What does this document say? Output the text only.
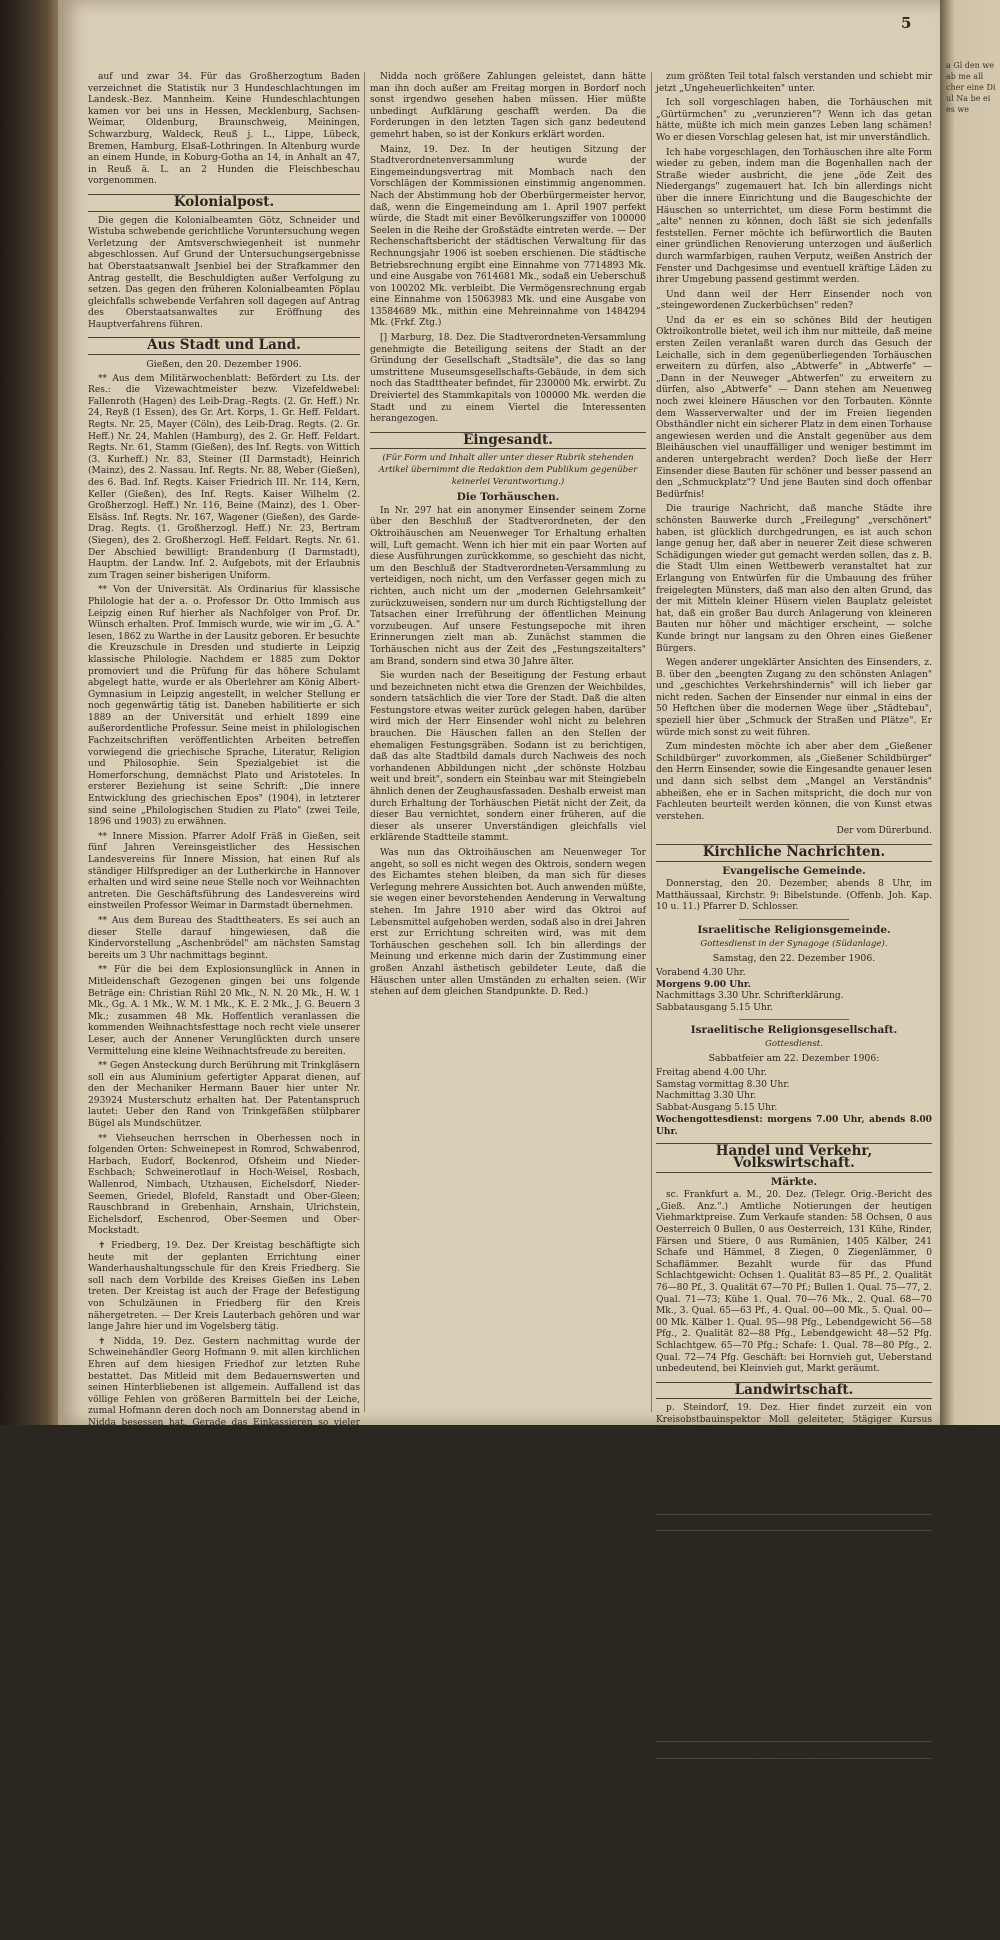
5

auf und zwar 34. Für das Großherzogtum Baden verzeichnet die Statistik nur 3 Hundeschlachtungen im Landesk.-Bez. Mannheim. Keine Hundeschlachtungen kamen vor bei uns in Hessen, Mecklenburg, Sachsen-Weimar, Oldenburg, Braunschweig, Meiningen, Schwarzburg, Waldeck, Reuß j. L., Lippe, Lübeck, Bremen, Hamburg, Elsaß-Lothringen. In Altenburg wurde an einem Hunde, in Koburg-Gotha an 14, in Anhalt an 47, in Reuß ä. L. an 2 Hunden die Fleischbeschau vorgenommen.

Kolonialpost.

Die gegen die Kolonialbeamten Götz, Schneider und Wistuba schwebende gerichtliche Voruntersuchung wegen Verletzung der Amtsverschwiegenheit ist nunmehr abgeschlossen. Auf Grund der Untersuchungsergebnisse hat Oberstaatsanwalt Jsenbiel bei der Strafkammer den Antrag gestellt, die Beschuldigten außer Verfolgung zu setzen. Das gegen den früheren Kolonialbeamten Pöplau gleichfalls schwebende Verfahren soll dagegen auf Antrag des Oberstaatsanwaltes zur Eröffnung des Hauptverfahrens führen.

Aus Stadt und Land.
Gießen, den 20. Dezember 1906.

** Aus dem Militärwochenblatt: Befördert zu Lts. der Res.: die Vizewachtmeister bezw. Vizefeldwebel: Fallenroth (Hagen) des Leib-Drag.-Regts. (2. Gr. Heff.) Nr. 24, Reyß (1 Essen), des Gr. Art. Korps, 1. Gr. Heff. Feldart. Regts. Nr. 25, Mayer (Cöln), des Leib-Drag. Regts. (2. Gr. Heff.) Nr. 24, Mahlen (Hamburg), des 2. Gr. Heff. Feldart. Regts. Nr. 61, Stamm (Gießen), des Inf. Regts. von Wittich (3. Kurheff.) Nr. 83, Steiner (II Darmstadt), Heinrich (Mainz), des 2. Nassau. Inf. Regts. Nr. 88, Weber (Gießen), des 6. Bad. Inf. Regts. Kaiser Friedrich III. Nr. 114, Kern, Keller (Gießen), des Inf. Regts. Kaiser Wilhelm (2. Großherzogl. Heff.) Nr. 116, Beine (Mainz), des 1. Ober-Elsäss. Inf. Regts. Nr. 167, Wagener (Gießen), des Garde-Drag. Regts. (1. Großherzogl. Heff.) Nr. 23, Bertram (Siegen), des 2. Großherzogl. Heff. Feldart. Regts. Nr. 61. Der Abschied bewilligt: Brandenburg (I Darmstadt), Hauptm. der Landw. Inf. 2. Aufgebots, mit der Erlaubnis zum Tragen seiner bisherigen Uniform.

** Von der Universität. Als Ordinarius für klassische Philologie hat der a. o. Professor Dr. Otto Immisch aus Leipzig einen Ruf hierher als Nachfolger von Prof. Dr. Wünsch erhalten. Prof. Immisch wurde, wie wir im „G. A." lesen, 1862 zu Warthe in der Lausitz geboren. Er besuchte die Kreuzschule in Dresden und studierte in Leipzig klassische Philologie. Nachdem er 1885 zum Doktor promoviert und die Prüfung für das höhere Schulamt abgelegt hatte, wurde er als Oberlehrer am König Albert-Gymnasium in Leipzig angestellt, in welcher Stellung er noch gegenwärtig tätig ist. Daneben habilitierte er sich 1889 an der Universität und erhielt 1899 eine außerordentliche Professur. Seine meist in philologischen Fachzeitschriften veröffentlichten Arbeiten betreffen vorwiegend die griechische Sprache, Literatur, Religion und Philosophie. Sein Spezialgebiet ist die Homerforschung, demnächst Plato und Aristoteles. In ersterer Beziehung ist seine Schrift: „Die innere Entwicklung des griechischen Epos" (1904), in letzterer sind seine „Philologischen Studien zu Plato" (zwei Teile, 1896 und 1903) zu erwähnen.

** Innere Mission. Pfarrer Adolf Fräß in Gießen, seit fünf Jahren Vereinsgeistlicher des Hessischen Landesvereins für Innere Mission, hat einen Ruf als ständiger Hilfsprediger an der Lutherkirche in Hannover erhalten und wird seine neue Stelle noch vor Weihnachten antreten. Die Geschäftsführung des Landesvereins wird einstweilen Professor Weimar in Darmstadt übernehmen.

** Aus dem Bureau des Stadttheaters. Es sei auch an dieser Stelle darauf hingewiesen, daß die Kindervorstellung „Aschenbrödel" am nächsten Samstag bereits um 3 Uhr nachmittags beginnt.

** Für die bei dem Explosionsunglück in Annen in Mitleidenschaft Gezogenen gingen bei uns folgende Beträge ein: Christian Rühl 20 Mk., N. N. 20 Mk., H. W. 1 Mk., Gg. A. 1 Mk., W. M. 1 Mk., K. E. 2 Mk., J. G. Beuern 3 Mk.; zusammen 48 Mk. Hoffentlich veranlassen die kommenden Weihnachtsfesttage noch recht viele unserer Leser, auch der Annener Verunglückten durch unsere Vermittelung eine kleine Weihnachtsfreude zu bereiten.

** Gegen Ansteckung durch Berührung mit Trinkgläsern soll ein aus Aluminium gefertigter Apparat dienen, auf den der Mechaniker Hermann Bauer hier unter Nr. 293924 Musterschutz erhalten hat. Der Patentanspruch lautet: Ueber den Rand von Trinkgefäßen stülpbarer Bügel als Mundschützer.

** Viehseuchen herrschen in Oberhessen noch in folgenden Orten: Schweinepest in Romrod, Schwabenrod, Harbach, Eudorf, Bockenrod, Ofsheim und Nieder-Eschbach; Schweinerotlauf in Hoch-Weisel, Rosbach, Wallenrod, Nimbach, Utzhausen, Eichelsdorf, Nieder-Seemen, Griedel, Blofeld, Ranstadt und Ober-Gleen; Rauschbrand in Grebenhain, Arnshain, Ulrichstein, Eichelsdorf, Eschenrod, Ober-Seemen und Ober-Mockstadt.

✝ Friedberg, 19. Dez. Der Kreistag beschäftigte sich heute mit der geplanten Errichtung einer Wanderhaushaltungsschule für den Kreis Friedberg. Sie soll nach dem Vorbilde des Kreises Gießen ins Leben treten. Der Kreistag ist auch der Frage der Befestigung von Schulzäunen in Friedberg für den Kreis nähergetreten. — Der Kreis Lauterbach gehören und war lange Jahre hier und im Vogelsberg tätig.

✝ Nidda, 19. Dez. Gestern nachmittag wurde der Schweinehändler Georg Hofmann 9. mit allen kirchlichen Ehren auf dem hiesigen Friedhof zur letzten Ruhe bestattet. Das Mitleid mit dem Bedauernswerten und seinen Hinterbliebenen ist allgemein. Auffallend ist das völlige Fehlen von größeren Barmitteln bei der Leiche, zumal Hofmann deren doch noch am Donnerstag abend in Nidda besessen hat. Gerade das Einkassieren so vieler Ausstände hatte doch bei allen, die ihn nicht näher kannten und ihn in letzter Zeit nicht genauer beobachtet hatten, den Gedanken an eine Verstümmelung mit Bestimmtheit hervorgerufen. Und nun fehlt jegliches bares Geld in der Brieftasche des Toten, sowie auch ein neuer großer Geldbeutel, den Hofmann bei sich geführt hatte. Hätte der Verstorbene noch seinem Verschwinden von

Nidda noch größere Zahlungen geleistet, dann hätte man ihn doch außer am Freitag morgen in Bordorf noch sonst irgendwo gesehen haben müssen. Hier müßte unbedingt Aufklärung geschafft werden. Da die Forderungen in den letzten Tagen sich ganz bedeutend gemehrt haben, so ist der Konkurs erklärt worden.

Mainz, 19. Dez. In der heutigen Sitzung der Stadtverordnetenversammlung wurde der Eingemeindungsvertrag mit Mombach nach den Vorschlägen der Kommissionen einstimmig angenommen. Nach der Abstimmung hob der Oberbürgermeister hervor, daß, wenn die Eingemeindung am 1. April 1907 perfekt würde, die Stadt mit einer Bevölkerungsziffer von 100000 Seelen in die Reihe der Großstädte eintreten werde. — Der Rechenschaftsbericht der städtischen Verwaltung für das Rechnungsjahr 1906 ist soeben erschienen. Die städtische Betriebsrechnung ergibt eine Einnahme von 7714893 Mk. und eine Ausgabe von 7614681 Mk., sodaß ein Ueberschuß von 100202 Mk. verbleibt. Die Vermögensrechnung ergab eine Einnahme von 15063983 Mk. und eine Ausgabe von 13584689 Mk., mithin eine Mehreinnahme von 1484294 Mk. (Frkf. Ztg.)

[] Marburg, 18. Dez. Die Stadtverordneten-Versammlung genehmigte die Beteiligung seitens der Stadt an der Gründung der Gesellschaft „Stadtsäle", die das so lang umstrittene Museumsgesellschafts-Gebäude, in dem sich noch das Stadttheater befindet, für 230000 Mk. erwirbt. Zu Dreiviertel des Stammkapitals von 100000 Mk. werden die Stadt und zu einem Viertel die Interessenten herangezogen.

Eingesandt.
(Für Form und Inhalt aller unter dieser Rubrik stehenden Artikel übernimmt die Redaktion dem Publikum gegenüber keinerlei Verantwortung.)
Die Torhäuschen.

In Nr. 297 hat ein anonymer Einsender seinem Zorne über den Beschluß der Stadtverordneten, der den Oktroihäuschen am Neuenweger Tor Erhaltung erhalten will, Luft gemacht. Wenn ich hier mit ein paar Worten auf diese Ausführungen zurückkomme, so geschieht das nicht, um den Beschluß der Stadtverordneten-Versammlung zu verteidigen, noch nicht, um den Verfasser gegen mich zu richten, auch nicht um der „modernen Gelehrsamkeit" zurückzuweisen, sondern nur um durch Richtigstellung der Tatsachen einer Irreführung der öffentlichen Meinung vorzubeugen. Auf unsere Festungsepoche mit ihren Erinnerungen zielt man ab. Zunächst stammen die Torhäuschen nicht aus der Zeit des „Festungszeitalters" am Brand, sondern sind etwa 30 Jahre älter.

Sie wurden nach der Beseitigung der Festung erbaut und bezeichneten nicht etwa die Grenzen der Weichbildes, sondern tatsächlich die vier Tore der Stadt. Daß die alten Festungstore etwas weiter zurück gelegen haben, darüber wird mich der Herr Einsender wohl nicht zu belehren brauchen. Die Häuschen fallen an den Stellen der ehemaligen Festungsgräben. Sodann ist zu berichtigen, daß das alte Stadtbild damals durch Nachweis des noch vorhandenen Abbildungen nicht „der schönste Holzbau weit und breit", sondern ein Steinbau war mit Steingiebeln ähnlich denen der Zeughausfassaden. Deshalb erweist man durch Erhaltung der Torhäuschen Pietät nicht der Zeit, da dieser Bau vernichtet, sondern einer früheren, auf die dieser als unserer Unverständigen gleichfalls viel erklärende Stadtteile stammt.

Was nun das Oktroihäuschen am Neuenweger Tor angeht, so soll es nicht wegen des Oktrois, sondern wegen des Eichamtes stehen bleiben, da man sich für dieses Verlegung mehrere Aussichten bot. Auch anwenden müßte, sie wegen einer bevorstehenden Aenderung in Verwaltung stehen. Im Jahre 1910 aber wird das Oktroi auf Lebensmittel aufgehoben werden, sodaß also in drei Jahren erst zur Errichtung schreiten wird, was mit dem Torhäuschen geschehen soll. Ich bin allerdings der Meinung und erkenne mich darin der Zustimmung einer großen Anzahl ästhetisch gebildeter Leute, daß die Häuschen unter allen Umständen zu erhalten seien. (Wir stehen auf dem gleichen Standpunkte. D. Red.)

zum größten Teil total falsch verstanden und schiebt mir jetzt „Ungeheuerlichkeiten" unter.

Ich soll vorgeschlagen haben, die Torhäuschen mit „Gürtürmchen" zu „verunzieren"? Wenn ich das getan hätte, müßte ich mich mein ganzes Leben lang schämen! Wo er diesen Vorschlag gelesen hat, ist mir unverständlich.

Ich habe vorgeschlagen, den Torhäuschen ihre alte Form wieder zu geben, indem man die Bogenhallen nach der Straße wieder ausbricht, die jene „öde Zeit des Niedergangs" zugemauert hat. Ich bin allerdings nicht über die innere Einrichtung und die Baugeschichte der Häuschen so unterrichtet, um diese Form bestimmt die „alte" nennen zu können, doch läßt sie sich jedenfalls feststellen. Ferner möchte ich befürwortlich die Bauten einer gründlichen Renovierung unterzogen und äußerlich durch warmfarbigen, rauhen Verputz, weißen Anstrich der Fenster und Dachgesimse und eventuell kräftige Läden zu ihrer Umgebung passend gestimmt werden.

Und dann weil der Herr Einsender noch von „steingewordenen Zuckerbüchsen" reden?

Und da er es ein so schönes Bild der heutigen Oktroikontrolle bietet, weil ich ihm nur mitteile, daß meine ersten Zeilen veranlaßt waren durch das Gesuch der Leichalle, sich in dem gegenüberliegenden Torhäuschen erweitern zu dürfen, also „Abtwerfe" in „Abtwerfe" — „Dann in der Neuweger „Abtwerfen" zu erweitern zu dürfen, also „Abtwerfe" — Dann stehen am Neuenweg noch zwei kleinere Häuschen vor den Torbauten. Könnte dem Wasserverwalter und der im Freien liegenden Obsthändler nicht ein sicherer Platz in dem einen Torhause angewiesen werden und die Anstalt gegenüber aus dem Bleihäuschen viel unauffälliger und weniger bestimmt im anderen untergebracht werden? Doch ließe der Herr Einsender diese Bauten für schöner und besser passend an den „Schmuckplatz"? Und jene Bauten sind doch offenbar Bedürfnis!

Die traurige Nachricht, daß manche Städte ihre schönsten Bauwerke durch „Freilegung" „verschönert" haben, ist glücklich durchgedrungen, es ist auch schon lange genug her, daß aber in neuerer Zeit diese schweren Schädigungen wieder gut gemacht werden sollen, das z. B. die Stadt Ulm einen Wettbewerb veranstaltet hat zur Erlangung von Entwürfen für die Umbauung des früher freigelegten Münsters, daß man also den alten Grund, das der mit Mitteln kleiner Hüsern vielen Bauplatz geleistet hat, daß ein großer Bau durch Anlagerung von kleineren Bauten nur höher und mächtiger erscheint, — solche Kunde bringt nur langsam zu den Ohren eines Gießener Bürgers.

Wegen anderer ungeklärter Ansichten des Einsenders, z. B. über den „beengten Zugang zu den schönsten Anlagen" und „geschichtes Verkehrshindernis" will ich lieber gar nicht reden. Sachen der Einsender nur einmal in eins der 50 Heftchen über die modernen Wege über „Städtebau", speziell hier über „Schmuck der Straßen und Plätze". Er würde mich sonst zu weit führen.

Zum mindesten möchte ich aber aber dem „Gießener Schildbürger" zuvorkommen, als „Gießener Schildbürger" den Herrn Einsender, sowie die Eingesandte genauer lesen und dann sich selbst dem „Mangel an Verständnis" abheißen, ehe er in Sachen mitspricht, die doch nur von Fachleuten beurteilt werden können, die von Kunst etwas verstehen.

Der vom Dürerbund.
Kirchliche Nachrichten.
Evangelische Gemeinde.

Donnerstag, den 20. Dezember, abends 8 Uhr, im Matthäussaal, Kirchstr. 9: Bibelstunde. (Offenb. Joh. Kap. 10 u. 11.) Pfarrer D. Schlosser.

Israelitische Religionsgemeinde.
Gottesdienst in der Synagoge (Südanlage).
Samstag, den 22. Dezember 1906.
Vorabend 4.30 Uhr.
Morgens 9.00 Uhr.
Nachmittags 3.30 Uhr. Schrifterklärung.
Sabbatausgang 5.15 Uhr.
Israelitische Religionsgesellschaft.
Gottesdienst.
Sabbatfeier am 22. Dezember 1906:
Freitag abend 4.00 Uhr.
Samstag vormittag 8.30 Uhr.
Nachmittag 3.30 Uhr.
Sabbat-Ausgang 5.15 Uhr.
Wochengottesdienst: morgens 7.00 Uhr, abends 8.00 Uhr.
Handel und Verkehr, Volkswirtschaft.
Märkte.

sc. Frankfurt a. M., 20. Dez. (Telegr. Orig.-Bericht des „Gieß. Anz.".) Amtliche Notierungen der heutigen Viehmarktpreise. Zum Verkaufe standen: 58 Ochsen, 0 aus Oesterreich 0 Bullen, 0 aus Oesterreich, 131 Kühe, Rinder, Färsen und Stiere, 0 aus Rumänien, 1405 Kälber, 241 Schafe und Hämmel, 8 Ziegen, 0 Ziegenlämmer, 0 Schaflämmer. Bezahlt wurde für das Pfund Schlachtgewicht: Ochsen 1. Qualität 83—85 Pf., 2. Qualität 76—80 Pf., 3. Qualität 67—70 Pf.; Bullen 1. Qual. 75—77, 2. Qual. 71—73; Kühe 1. Qual. 70—76 Mk., 2. Qual. 68—70 Mk., 3. Qual. 65—63 Pf., 4. Qual. 00—00 Mk., 5. Qual. 00—00 Mk. Kälber 1. Qual. 95—98 Pfg., Lebendgewicht 56—58 Pfg., 2. Qualität 82—88 Pfg., Lebendgewicht 48—52 Pfg. Schlachtgew. 65—70 Pfg.; Schafe: 1. Qual. 78—80 Pfg., 2. Qual. 72—74 Pfg. Geschäft: bei Hornvieh gut, Ueberstand unbedeutend, bei Kleinvieh gut, Markt geräumt.

Landwirtschaft.

p. Steindorf, 19. Dez. Hier findet zurzeit ein von Kreisobstbauinspektor Moll geleiteter, 5tägiger Kursus statt über die Pflanzung, Schnitt und Pflege der Obstbäume, sowie über die Bekämpfung der Obstbaumschädlinge und Krankheiten, das Umpfropfen der Bäume, die Behandlung der Wunden, die Düngung und Bodenbearbeitung. Der Unterricht ist hauptsächlich praktischer Art. Bonnet zu Greifswald in gleicher Eigenschaft in die

Gerichtssaal.

Frankfurt, 19. Dez. Der Redakteur der „Volksstimme", Wilhelm Zander, wurde heute von der Strafkammer wegen öffentlicher Beleidigung, die in einem Artikel „Krautgardemanöver am Standesamt" gefunden wurde, zu 75 Mk. Geldstrafe verurteilt, und wegen eines Artikels „Zur Blaugießstreike in Oberursel", durch den sich der dortige Bürgermeister Füller beleidigt fühlte, zu drei Monaten Gefängnis.

Gießen, 19. Dez. Das Kriegsgericht verurteilte einen polnischen Schneidergesellen, der ganz systematisch gegen Kontrollversammlung fortgesetzt im Gliede gefochten, der den Ansprache des Bezirkskommandeurs die Zulassung des Kaisers für die Ostmark durch Murren und unartikulierte Laute den Wappellen ausgedrückt und vor dem Kaiserhoch mehrmals auf Polnisch und Deutsch erklärt hatte, er werde nicht mitrufen, zu vier Monaten Gefängnis.

Vermischtes.

* Siegen, 19. Dez. Bei der im Bau befindlichen Bahnstrecke Freudenberg-Rotemühle ereignete sich eine Sprengstoffexplosion. Zwei Mann wurden getötet, zwei wurden schwer verletzt.

* Ein Jagdliebhaber aus Kassel, der ein guter Hühnerschütze ist, wurde von seinen Freunden immer gequält, er möchte doch einmal ein Hühneressen zubereiten. Als ihm der also Geplagte nicht mehr zu helfen wußte, sagte er zu und lud die Freunde eines schönen Tages ein. Die „Hühner" schmeckten ausgezeichnet, und man aß mit großem Appetit. Einige Tage später erfuhr man, daß der Gastgeber Raben braten ließe. Die guten Leutchen spülten ihren Aerger durch verschiedene Gläser „Rheingauer" die Kehle hinab und meinten, gut zubereitete Raben schmeckten ebenso gut wie Feldhühner!

a Gl den we ab me all cher eine Di ul Na be ei es we
